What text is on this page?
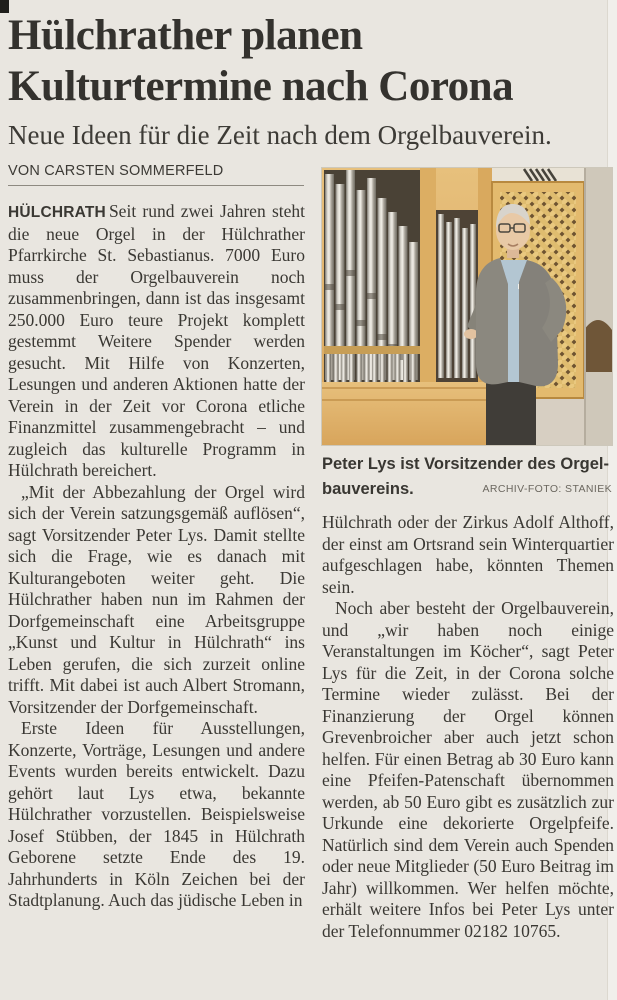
Hülchrather planen
Kulturtermine nach Corona
Neue Ideen für die Zeit nach dem Orgelbauverein.
VON CARSTEN SOMMERFELD

HÜLCHRATH Seit rund zwei Jahren steht die neue Orgel in der Hülchrather Pfarrkirche St. Sebastianus. 7000 Euro muss der Orgelbauverein noch zusammenbringen, dann ist das insgesamt 250.000 Euro teure Projekt komplett gestemmt Weitere Spender werden gesucht. Mit Hilfe von Konzerten, Lesungen und anderen Aktionen hatte der Verein in der Zeit vor Corona etliche Finanzmittel zusammengebracht – und zugleich das kulturelle Programm in Hülchrath bereichert.

„Mit der Abbezahlung der Orgel wird sich der Verein satzungsgemäß auflösen“, sagt Vorsitzender Peter Lys. Damit stellte sich die Frage, wie es danach mit Kulturangeboten weiter geht. Die Hülchrather haben nun im Rahmen der Dorfgemeinschaft eine Arbeitsgruppe „Kunst und Kultur in Hülchrath“ ins Leben gerufen, die sich zurzeit online trifft. Mit dabei ist auch Albert Stromann, Vorsitzender der Dorfgemeinschaft.

Erste Ideen für Ausstellungen, Konzerte, Vorträge, Lesungen und andere Events wurden bereits entwickelt. Dazu gehört laut Lys etwa, bekannte Hülchrather vorzustellen. Beispielsweise Josef Stübben, der 1845 in Hülchrath Geborene setzte Ende des 19. Jahrhunderts in Köln Zeichen bei der Stadtplanung. Auch das jüdische Leben in

Peter Lys ist Vorsitzender des Orgel-
bauvereins.	ARCHIV-FOTO: STANIEK

Hülchrath oder der Zirkus Adolf Althoff, der einst am Ortsrand sein Winterquartier aufgeschlagen habe, könnten Themen sein.

Noch aber besteht der Orgelbauverein, und „wir haben noch einige Veranstaltungen im Köcher“, sagt Peter Lys für die Zeit, in der Corona solche Termine wieder zulässt. Bei der Finanzierung der Orgel können Grevenbroicher aber auch jetzt schon helfen. Für einen Betrag ab 30 Euro kann eine Pfeifen-Patenschaft übernommen werden, ab 50 Euro gibt es zusätzlich zur Urkunde eine dekorierte Orgelpfeife. Natürlich sind dem Verein auch Spenden oder neue Mitglieder (50 Euro Beitrag im Jahr) willkommen. Wer helfen möchte, erhält weitere Infos bei Peter Lys unter der Telefonnummer 02182 10765.
